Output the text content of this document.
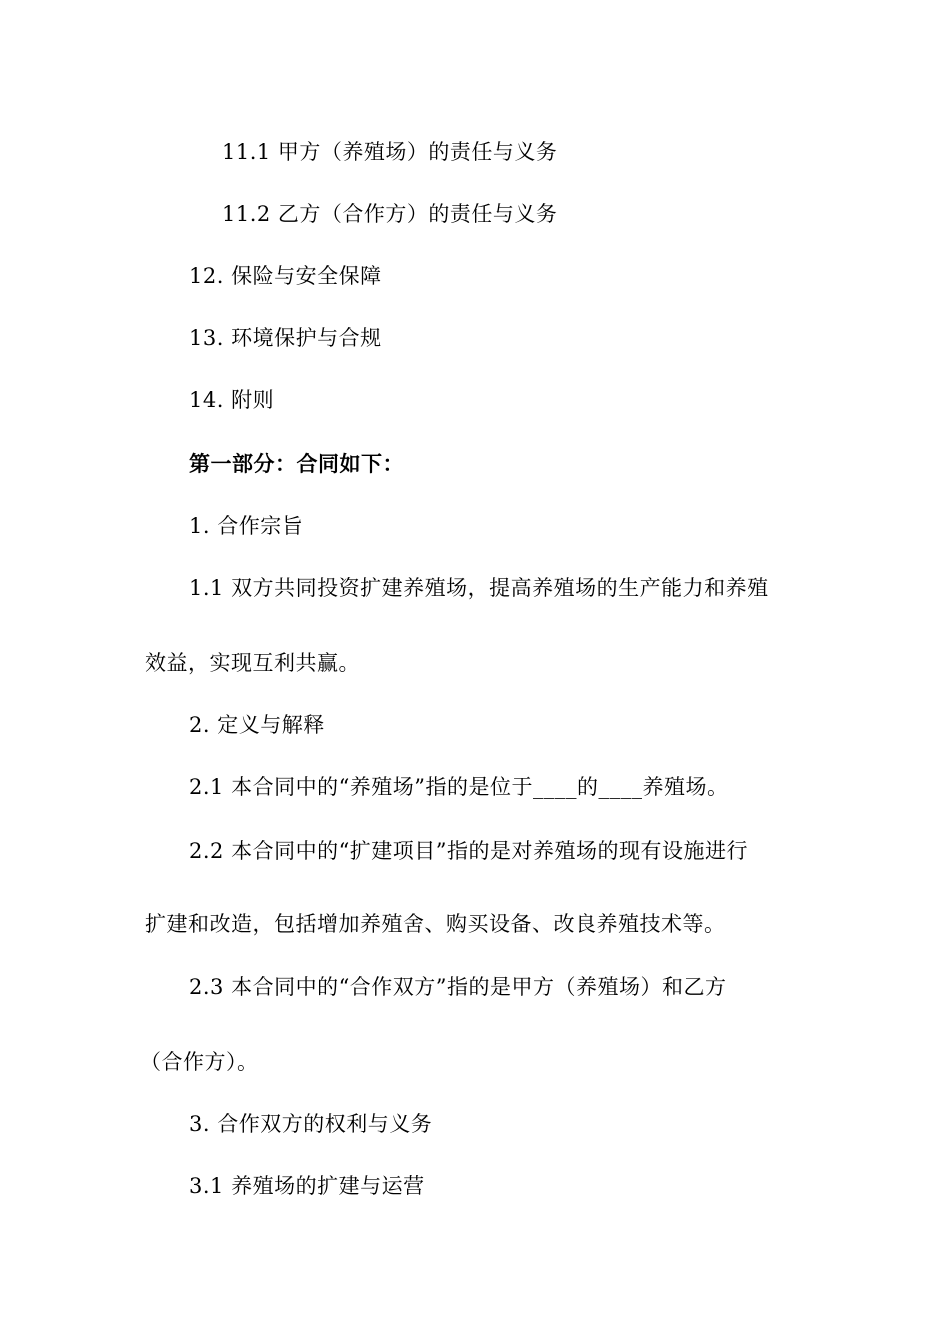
11.1 甲方（养殖场）的责任与义务
11.2 乙方（合作方）的责任与义务
12. 保险与安全保障
13. 环境保护与合规
14. 附则
第一部分：合同如下：
1. 合作宗旨
1.1 双方共同投资扩建养殖场，提高养殖场的生产能力和养殖
效益，实现互利共赢。
2. 定义与解释
2.1 本合同中的“养殖场”指的是位于____的____养殖场。
2.2 本合同中的“扩建项目”指的是对养殖场的现有设施进行
扩建和改造，包括增加养殖舍、购买设备、改良养殖技术等。
2.3 本合同中的“合作双方”指的是甲方（养殖场）和乙方
（合作方）。
3. 合作双方的权利与义务
3.1 养殖场的扩建与运营
